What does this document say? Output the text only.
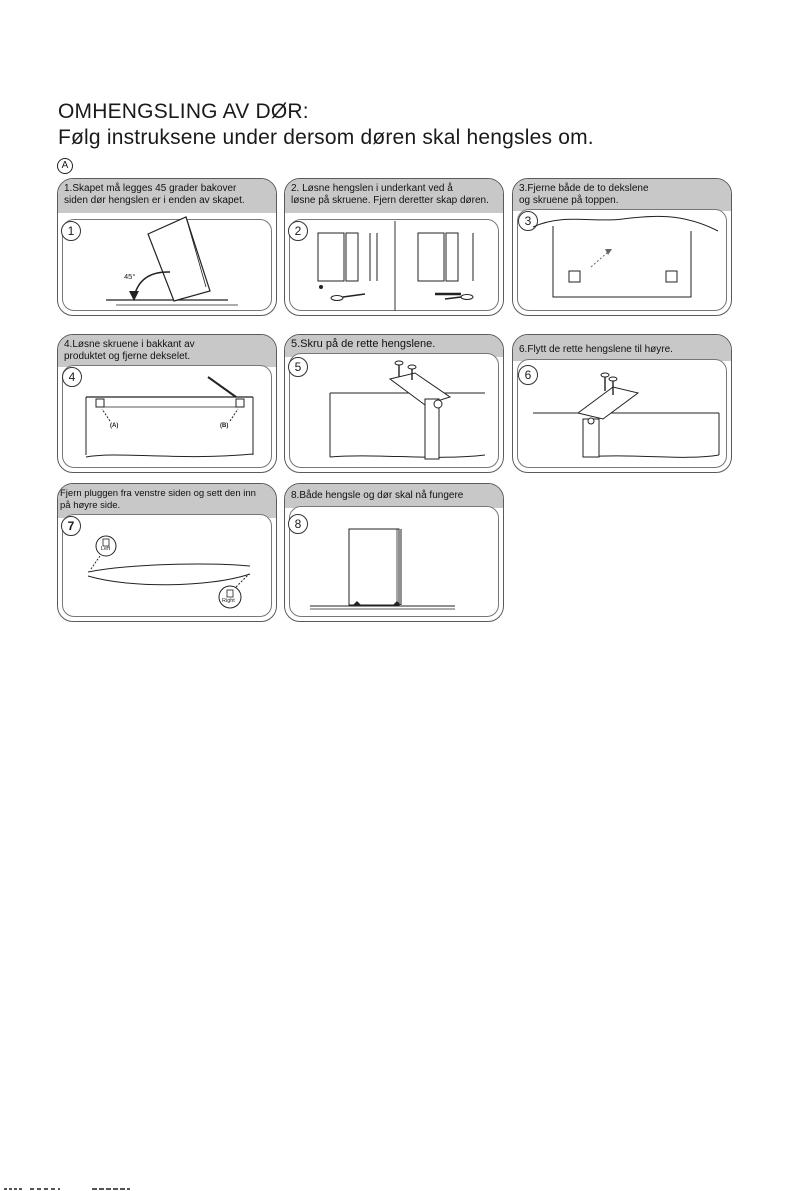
OMHENGSLING AV DØR:
Følg instruksene under dersom døren skal hengsles om.
A
1.Skapet må legges 45 grader bakover
siden dør hengslen er i enden av skapet.
1
45°
2. Løsne hengslen i underkant ved å
løsne på skruene. Fjern deretter skap døren.
2
3.Fjerne både de to dekslene
og skruene på toppen.
3
4.Løsne skruene i bakkant av
produktet og fjerne dekselet.
4
(A)	(B)
5.Skru på de rette hengslene.
5
6.Flytt de rette hengslene til høyre.
6
Fjern pluggen fra venstre siden og sett den inn
på høyre side.
7
Left
Right
8.Både hengsle og dør skal nå fungere
8
